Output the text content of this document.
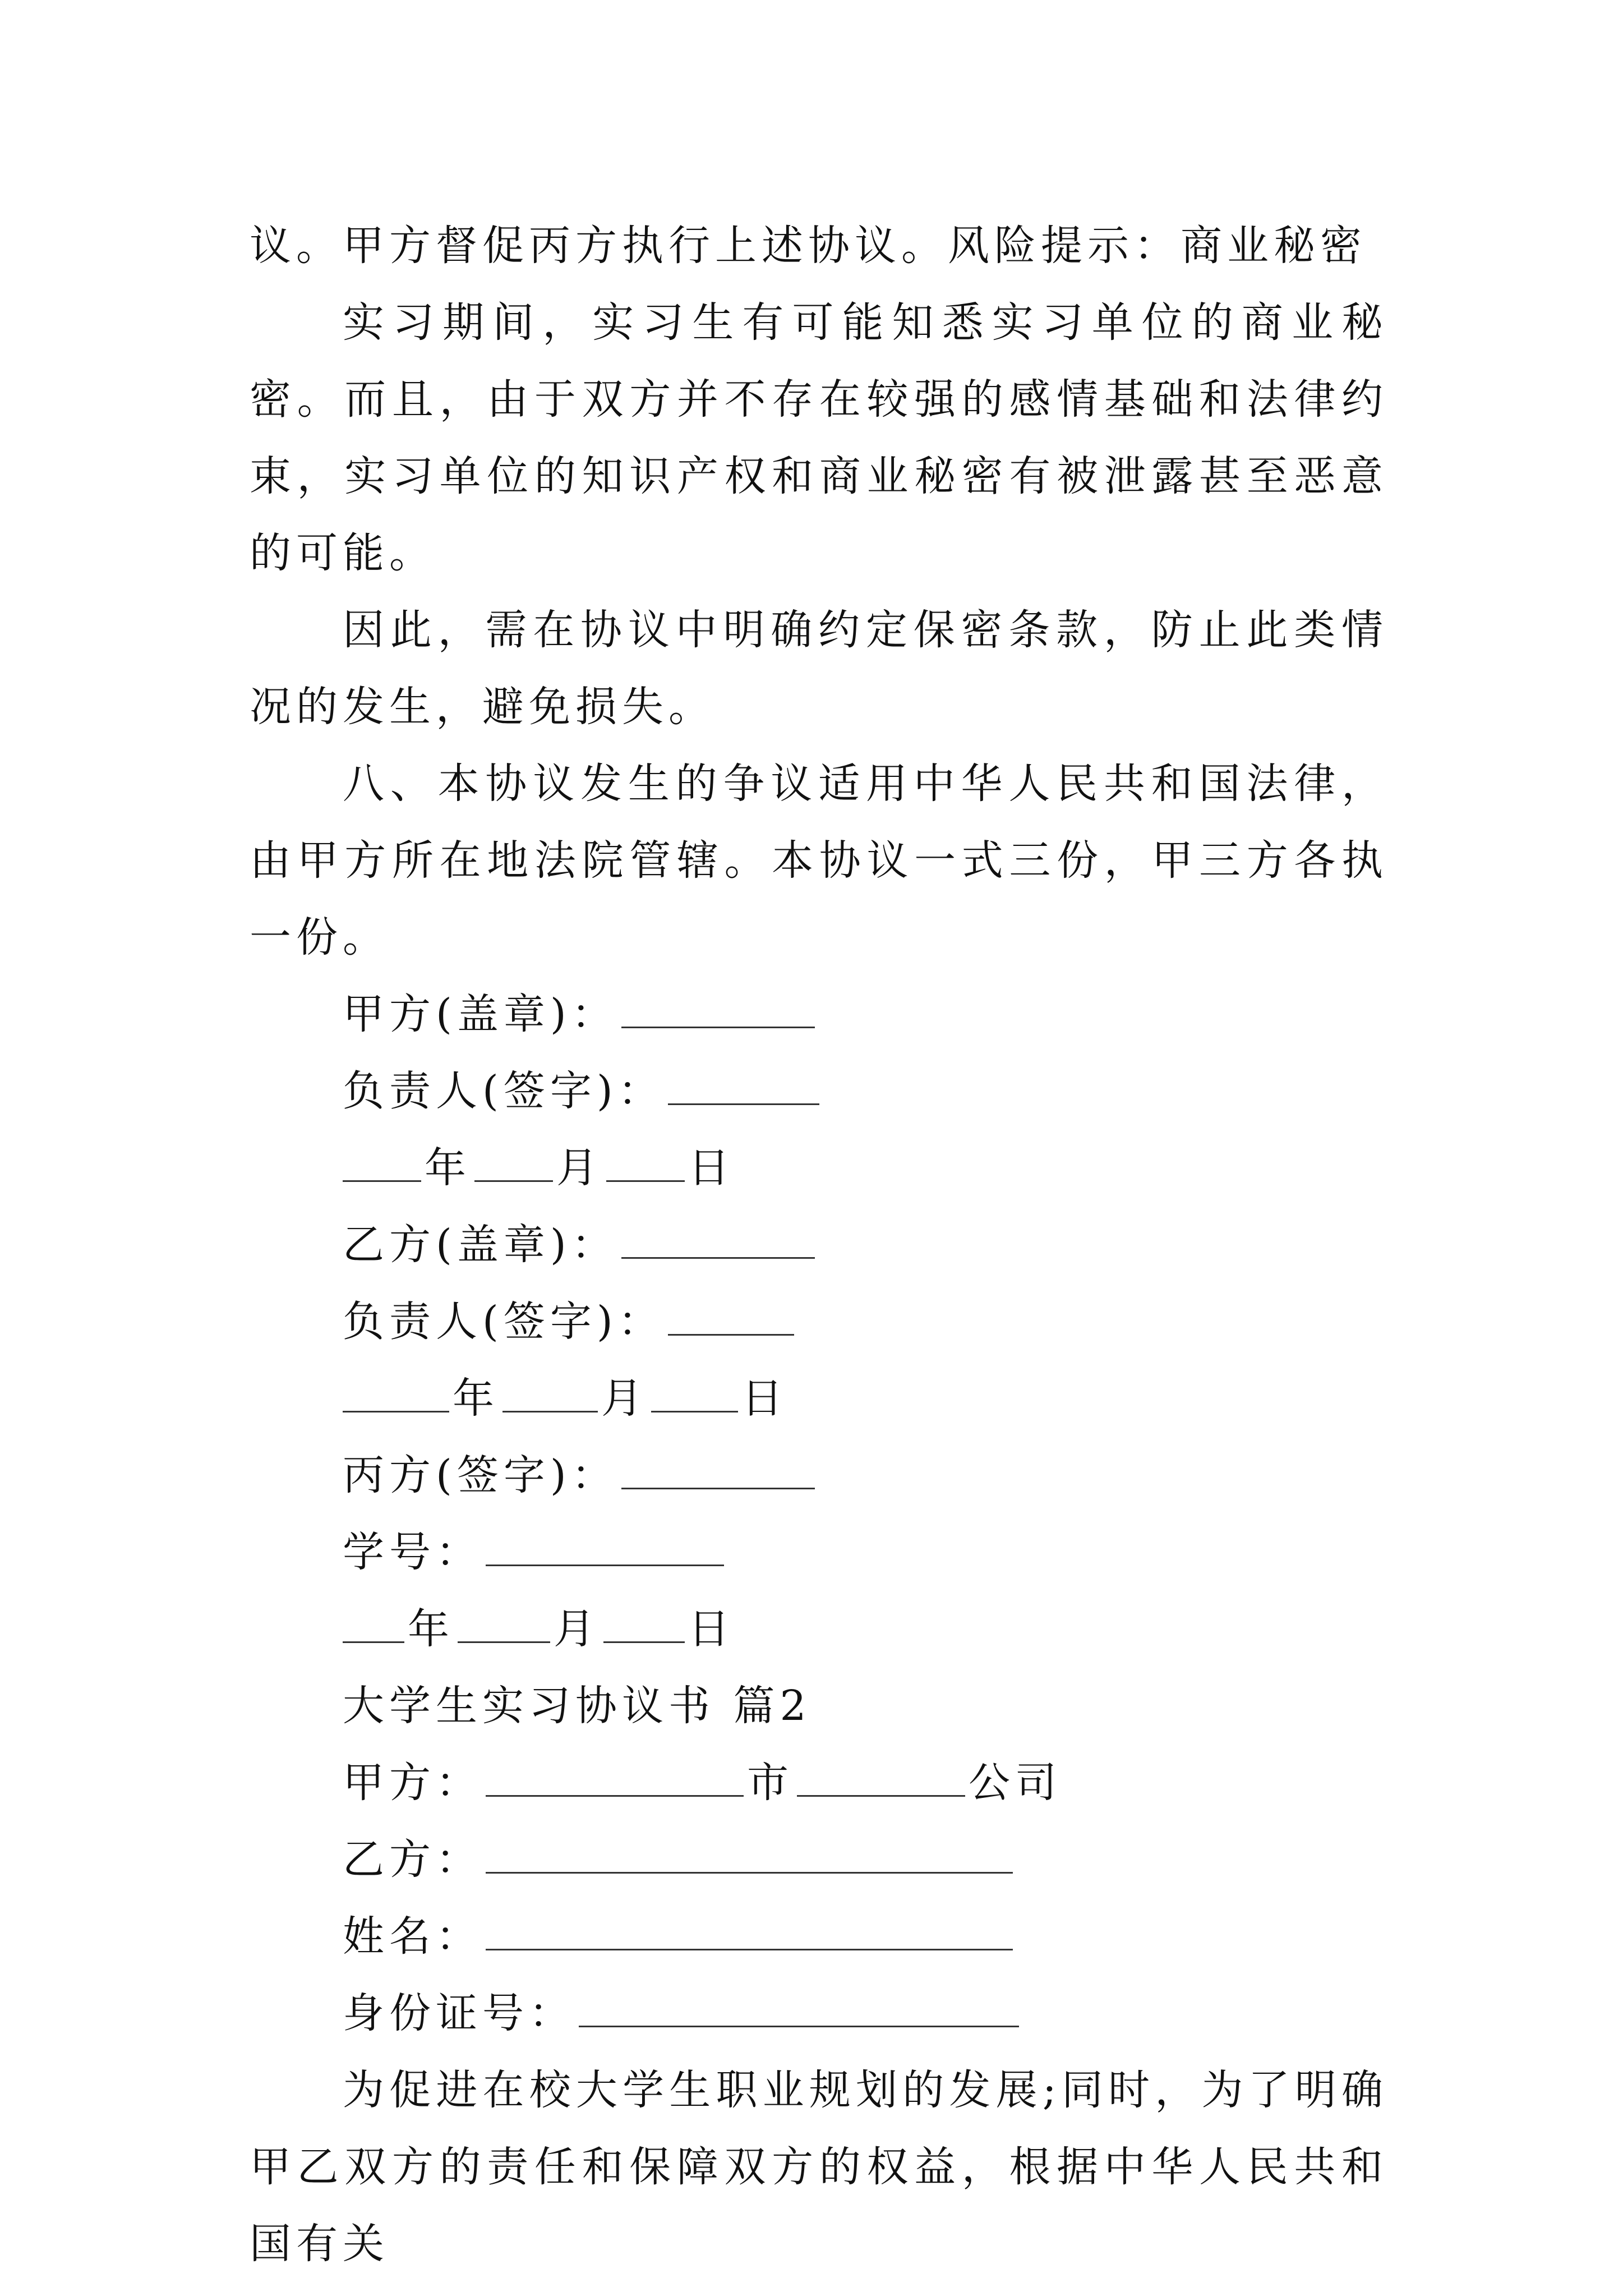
议。甲方督促丙方执行上述协议。风险提示：商业秘密
实习期间，实习生有可能知悉实习单位的商业秘密。而且，由于双方并不存在较强的感情基础和法律约束，实习单位的知识产权和商业秘密有被泄露甚至恶意的可能。
因此，需在协议中明确约定保密条款，防止此类情况的发生，避免损失。
八、本协议发生的争议适用中华人民共和国法律，由甲方所在地法院管辖。本协议一式三份，甲三方各执一份。
甲方(盖章)：
负责人(签字)：
年 月 日
乙方(盖章)：
负责人(签字)：
年 月 日
丙方(签字)：
学号：
年 月 日
大学生实习协议书 篇2
甲方：	市	公司
乙方：
姓名：
身份证号：
为促进在校大学生职业规划的发展;同时，为了明确甲乙双方的责任和保障双方的权益，根据中华人民共和国有关
